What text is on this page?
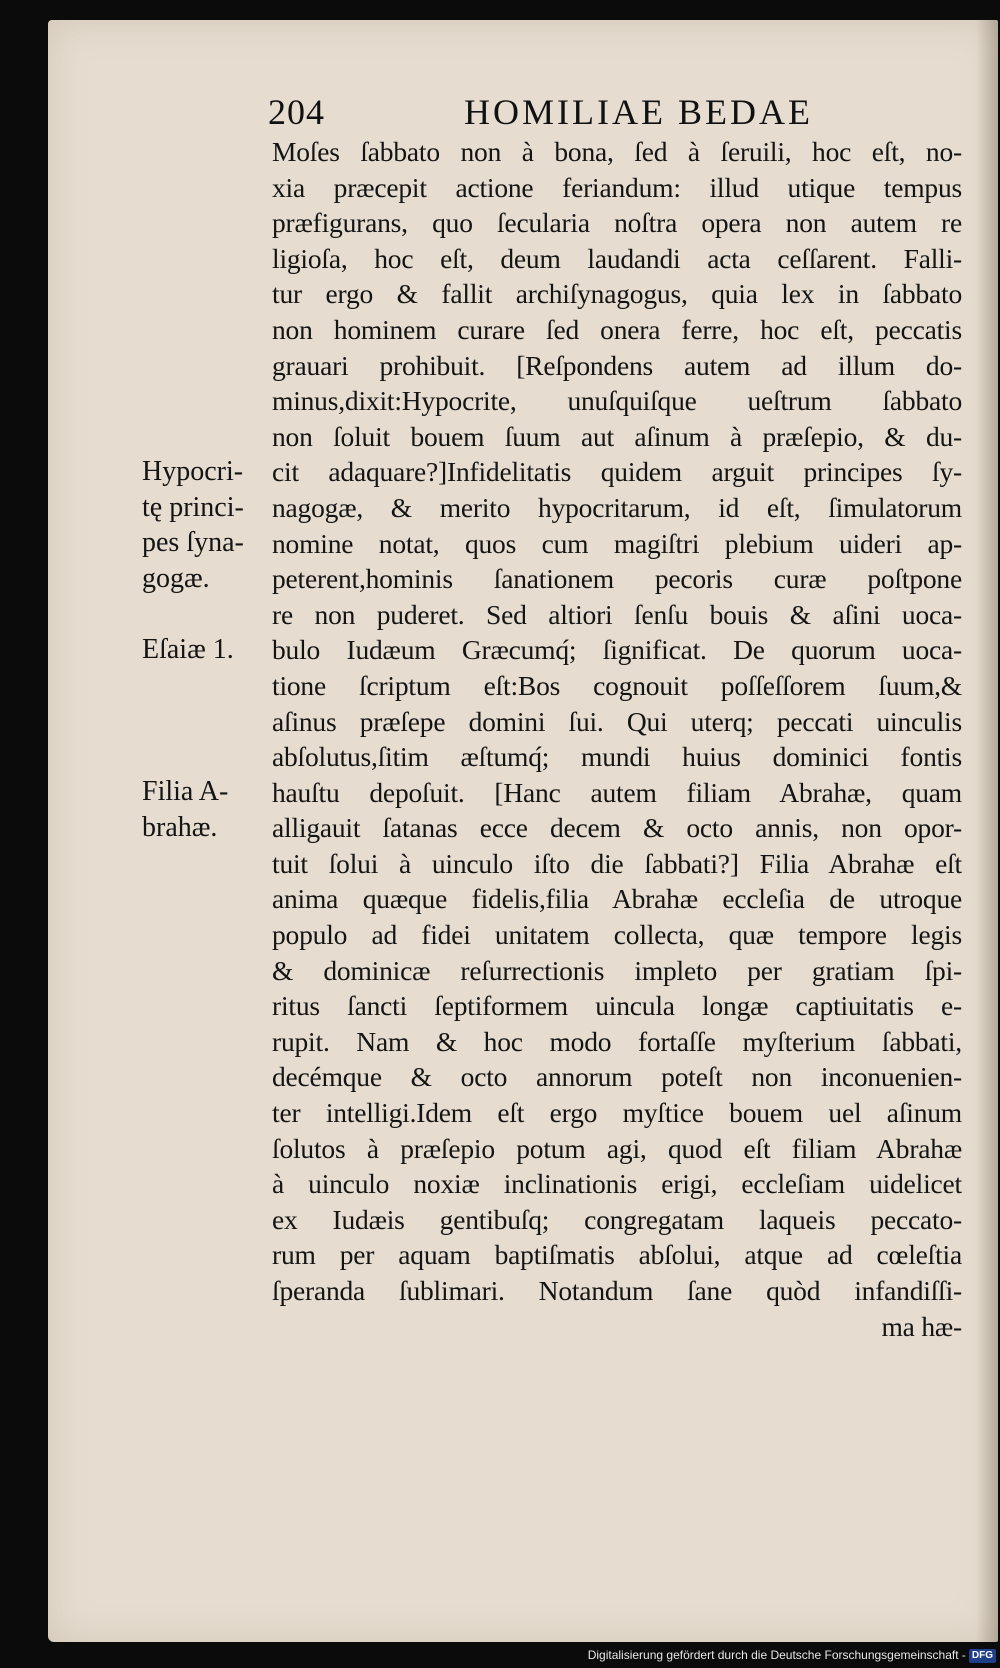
204	HOMILIAE BEDAE
Moſes ſabbato non à bona, ſed à ſeruili, hoc eſt, no-
xia præcepit actione feriandum: illud utique tempus
præfigurans, quo ſecularia noſtra opera non autem re
ligioſa, hoc eſt, deum laudandi acta ceſſarent. Falli-
tur ergo & fallit archiſynagogus, quia lex in ſabbato
non hominem curare ſed onera ferre, hoc eſt, peccatis
grauari prohibuit. [Reſpondens autem ad illum do-
minus,dixit:Hypocrite, unuſquiſque ueſtrum ſabbato
non ſoluit bouem ſuum aut aſinum à præſepio, & du-
cit adaquare?]Infidelitatis quidem arguit principes ſy-
nagogæ, & merito hypocritarum, id eſt, ſimulatorum
nomine notat, quos cum magiſtri plebium uideri ap-
peterent,hominis ſanationem pecoris curæ poſtpone
re non puderet. Sed altiori ſenſu bouis & aſini uoca-
bulo Iudæum Græcumq́; ſignificat. De quorum uoca-
tione ſcriptum eſt:Bos cognouit poſſeſſorem ſuum,&
aſinus præſepe domini ſui. Qui uterq; peccati uinculis
abſolutus,ſitim æſtumq́; mundi huius dominici fontis
hauſtu depoſuit. [Hanc autem filiam Abrahæ, quam
alligauit ſatanas ecce decem & octo annis, non opor-
tuit ſolui à uinculo iſto die ſabbati?] Filia Abrahæ eſt
anima quæque fidelis,filia Abrahæ eccleſia de utroque
populo ad fidei unitatem collecta, quæ tempore legis
& dominicæ reſurrectionis impleto per gratiam ſpi-
ritus ſancti ſeptiformem uincula longæ captiuitatis e-
rupit. Nam & hoc modo fortaſſe myſterium ſabbati,
decémque & octo annorum poteſt non inconuenien-
ter intelligi.Idem eſt ergo myſtice bouem uel aſinum
ſolutos à præſepio potum agi, quod eſt filiam Abrahæ
à uinculo noxiæ inclinationis erigi, eccleſiam uidelicet
ex Iudæis gentibuſq; congregatam laqueis peccato-
rum per aquam baptiſmatis abſolui, atque ad cœleſtia
ſperanda ſublimari. Notandum ſane quòd infandiſſi-
ma hæ-
Hypocri-
tę princi-
pes ſyna-
gogæ.
Eſaiæ 1.
Filia A-
brahæ.
Digitalisierung gefördert durch die Deutsche Forschungsgemeinschaft - DFG
